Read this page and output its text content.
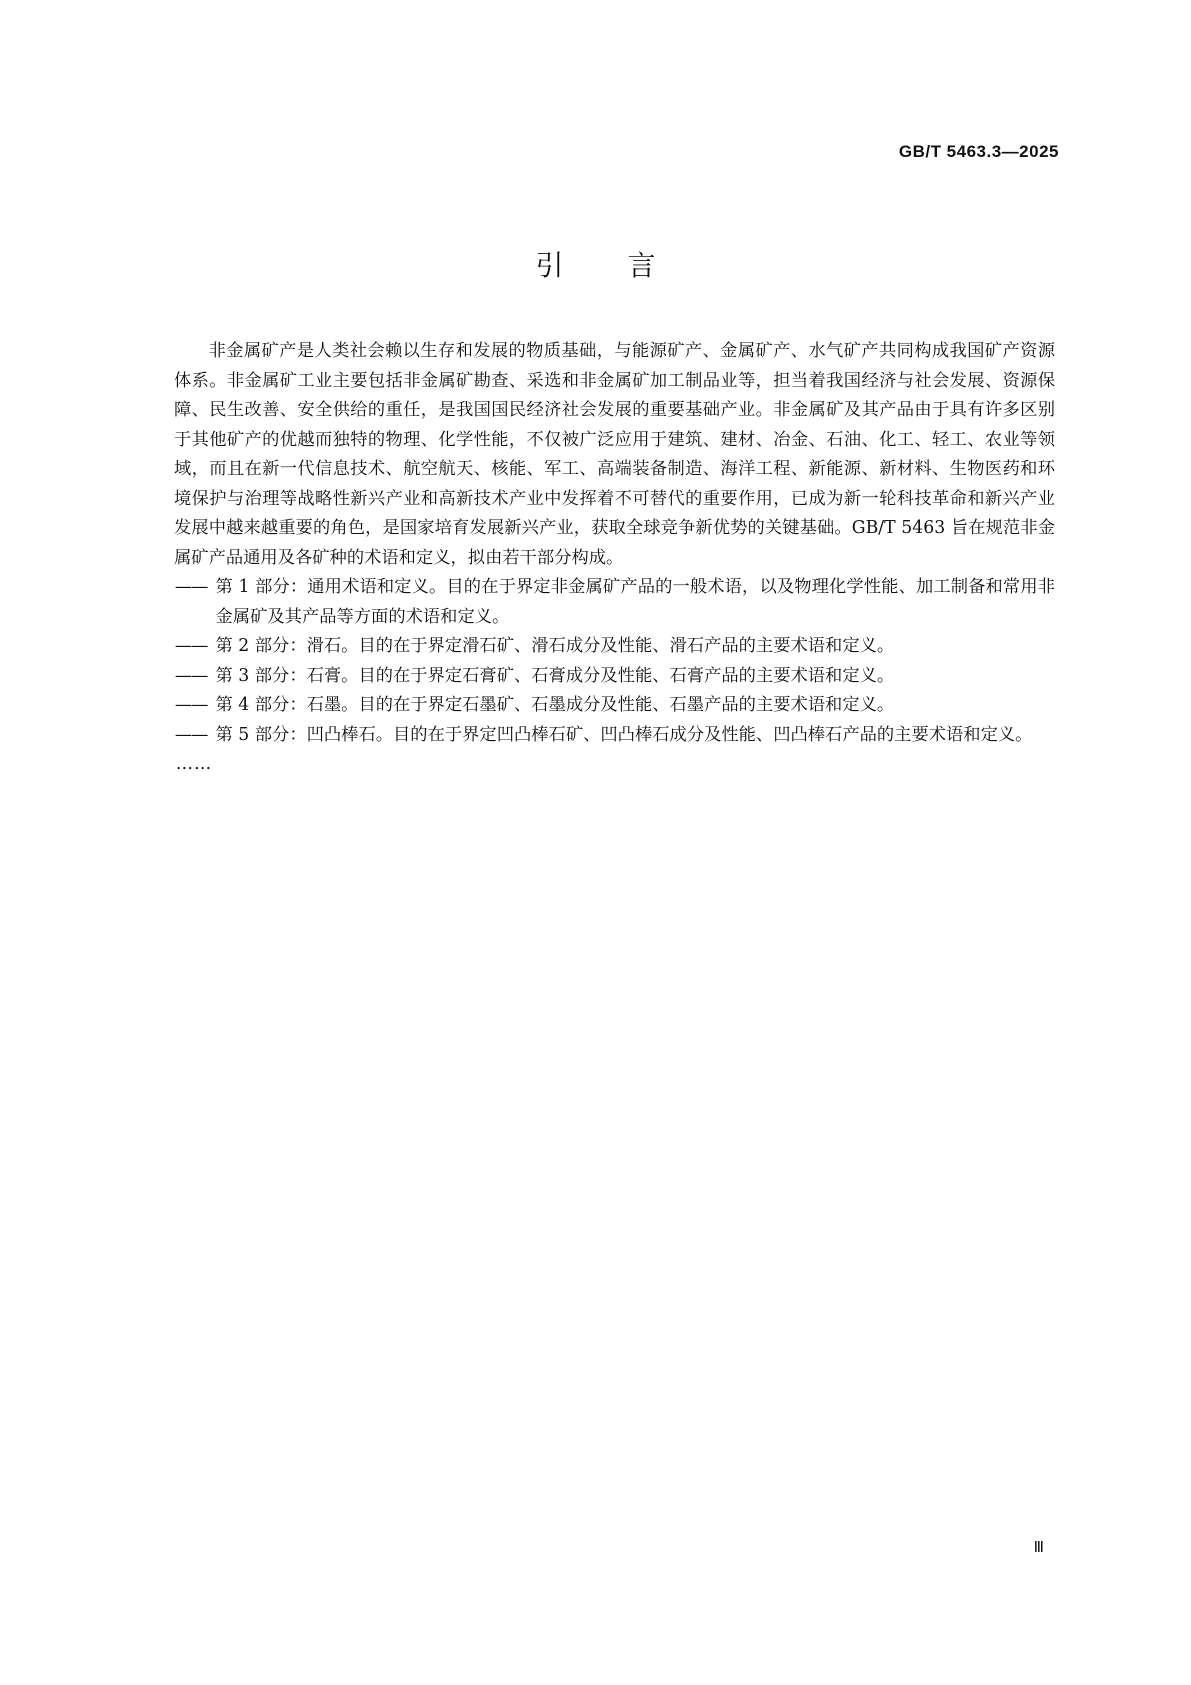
GB/T 5463.3—2025
引言

非金属矿产是人类社会赖以生存和发展的物质基础，与能源矿产、金属矿产、水气矿产共同构成我国矿产资源体系。非金属矿工业主要包括非金属矿勘查、采选和非金属矿加工制品业等，担当着我国经济与社会发展、资源保障、民生改善、安全供给的重任，是我国国民经济社会发展的重要基础产业。非金属矿及其产品由于具有许多区别于其他矿产的优越而独特的物理、化学性能，不仅被广泛应用于建筑、建材、冶金、石油、化工、轻工、农业等领域，而且在新一代信息技术、航空航天、核能、军工、高端装备制造、海洋工程、新能源、新材料、生物医药和环境保护与治理等战略性新兴产业和高新技术产业中发挥着不可替代的重要作用，已成为新一轮科技革命和新兴产业发展中越来越重要的角色，是国家培育发展新兴产业，获取全球竞争新优势的关键基础。GB/T 5463 旨在规范非金属矿产品通用及各矿种的术语和定义，拟由若干部分构成。

—— 第 1 部分：通用术语和定义。目的在于界定非金属矿产品的一般术语，以及物理化学性能、加工制备和常用非金属矿及其产品等方面的术语和定义。
—— 第 2 部分：滑石。目的在于界定滑石矿、滑石成分及性能、滑石产品的主要术语和定义。
—— 第 3 部分：石膏。目的在于界定石膏矿、石膏成分及性能、石膏产品的主要术语和定义。
—— 第 4 部分：石墨。目的在于界定石墨矿、石墨成分及性能、石墨产品的主要术语和定义。
—— 第 5 部分：凹凸棒石。目的在于界定凹凸棒石矿、凹凸棒石成分及性能、凹凸棒石产品的主要术语和定义。

……

Ⅲ
